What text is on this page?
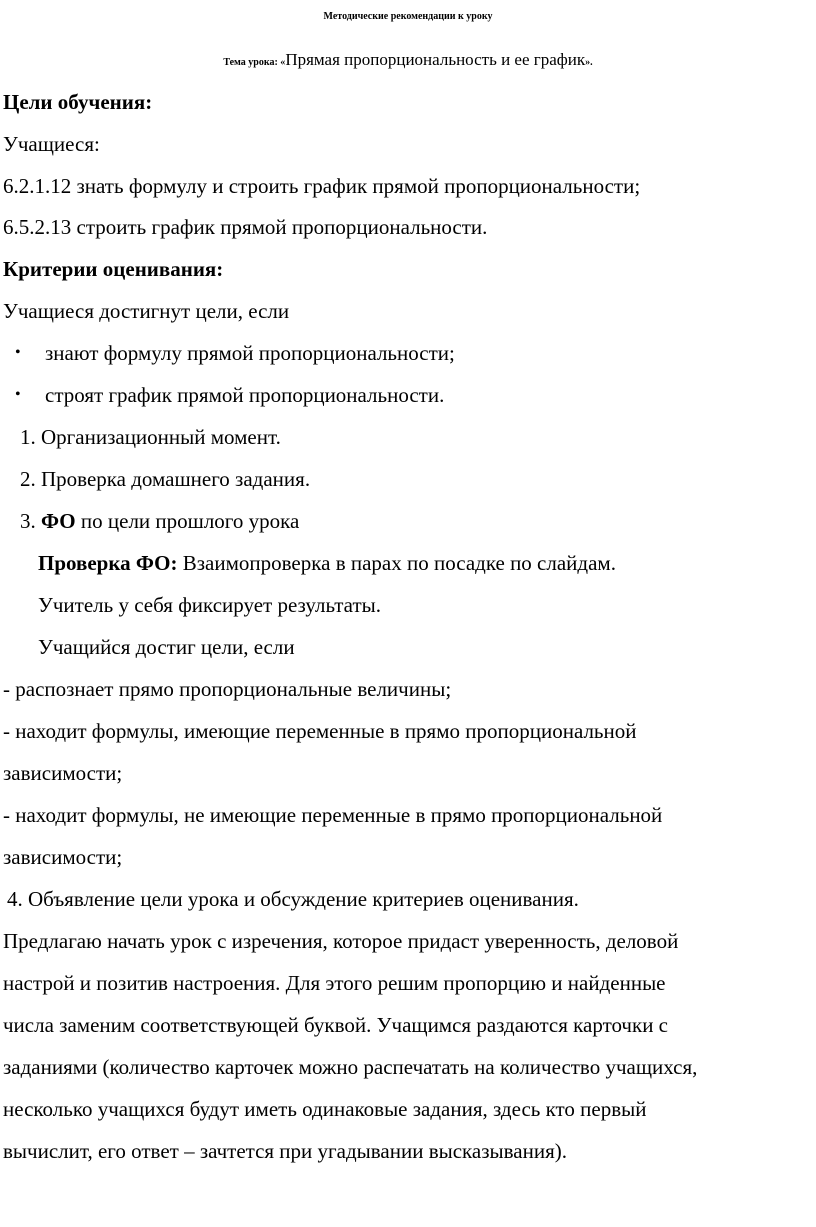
Методические рекомендации к уроку
Тема урока: «Прямая пропорциональность и ее график».
Цели обучения:
Учащиеся:
6.2.1.12 знать формулу и строить график прямой пропорциональности;
6.5.2.13 строить график прямой пропорциональности.
Критерии оценивания:
Учащиеся достигнут цели, если
• знают формулу прямой пропорциональности;
• строят график прямой пропорциональности.
1. Организационный момент.
2. Проверка домашнего задания.
3. ФО по цели прошлого урока
Проверка ФО: Взаимопроверка в парах по посадке по слайдам.
Учитель у себя фиксирует результаты.
Учащийся достиг цели, если
- распознает прямо пропорциональные величины;
- находит формулы, имеющие переменные в прямо пропорциональной
зависимости;
- находит формулы, не имеющие переменные в прямо пропорциональной
зависимости;
4. Объявление цели урока и обсуждение критериев оценивания.
Предлагаю начать урок с изречения, которое придаст уверенность, деловой
настрой и позитив настроения. Для этого решим пропорцию и найденные
числа заменим соответствующей буквой. Учащимся раздаются карточки с
заданиями (количество карточек можно распечатать на количество учащихся,
несколько учащихся будут иметь одинаковые задания, здесь кто первый
вычислит, его ответ – зачтется при угадывании высказывания).
